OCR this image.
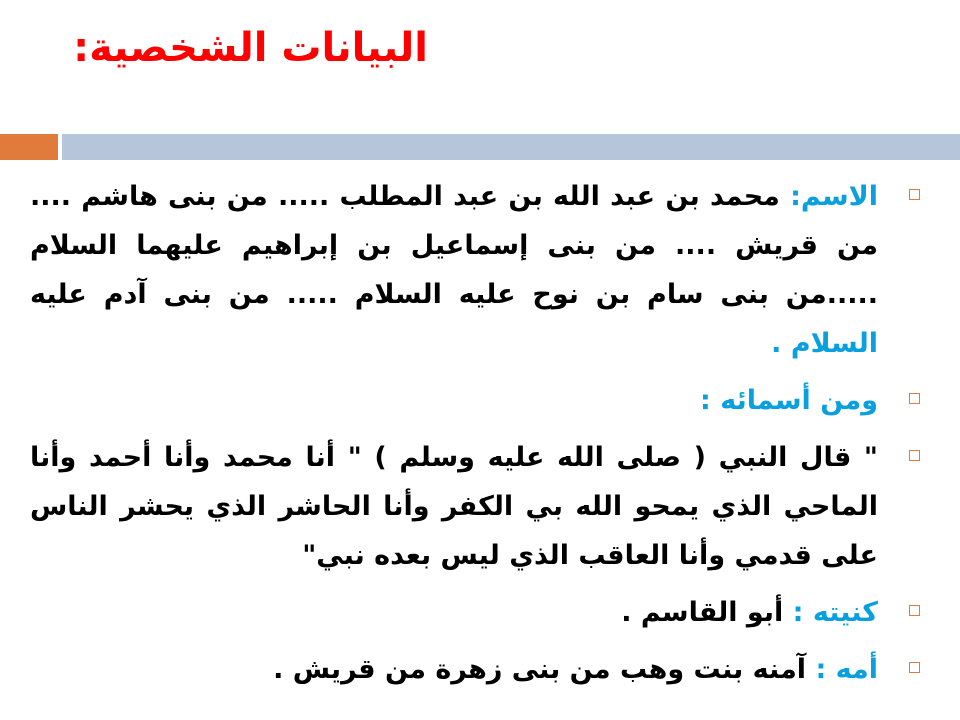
البيانات الشخصية:
الاسم: محمد بن عبد الله بن عبد المطلب ..... من بنى هاشم .... من قريش .... من بنى إسماعيل بن إبراهيم عليهما السلام .....من بنى سام بن نوح عليه السلام ..... من بنى آدم عليه السلام .
ومن أسمائه :
" قال النبي ( صلى الله عليه وسلم ) " أنا محمد وأنا أحمد وأنا الماحي الذي يمحو الله بي الكفر وأنا الحاشر الذي يحشر الناس على قدمي وأنا العاقب الذي ليس بعده نبي"
كنيته : أبو القاسم .
أمه : آمنه بنت وهب من بنى زهرة من قريش .
